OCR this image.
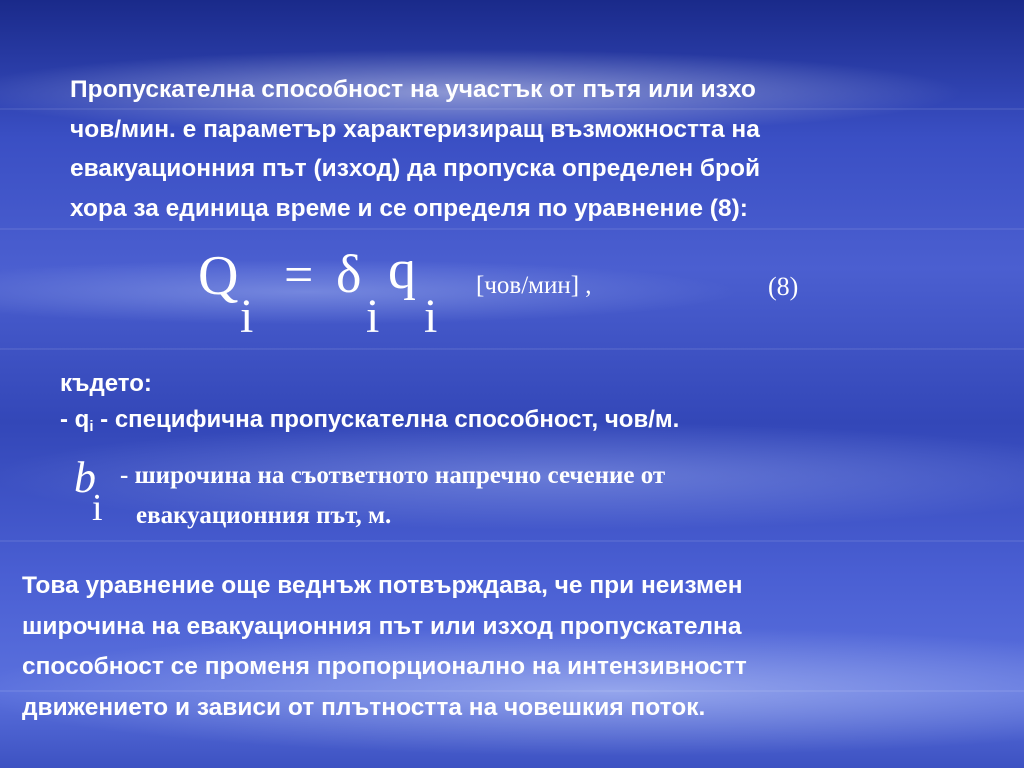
Пропускателна способност на участък от пътя или изхо
чов/мин. е параметър характеризиращ възможността на
евакуационния път (изход) да пропуска определен брой
хора за единица време и се определя по уравнение (8):
Q
i
= δ
i
q
i
[чов/мин] ,	(8)
където:
- $q_i$ - специфична пропускателна способност, чов/м.
b
i
- широчина на съответното напречно сечение от
евакуационния път, м.
Това уравнение още веднъж потвърждава, че при неизмен
широчина на евакуационния път или изход пропускателна
способност се променя пропорционално на интензивностт
движението и зависи от плътността на човешкия поток.
